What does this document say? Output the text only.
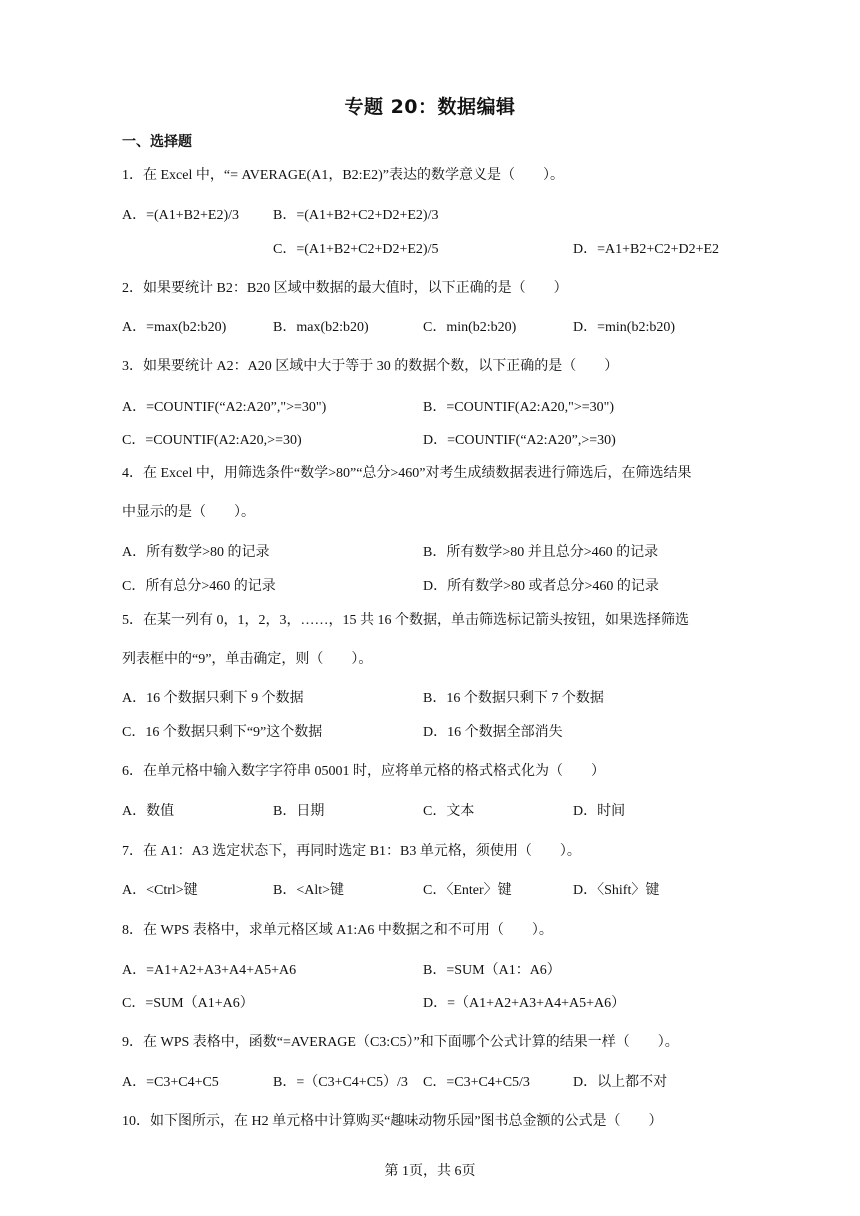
专题 20：数据编辑
一、选择题
1．在 Excel 中，“= AVERAGE(A1，B2:E2)”表达的数学意义是（　　）。
A．=(A1+B2+E2)/3 B．=(A1+B2+C2+D2+E2)/3
C．=(A1+B2+C2+D2+E2)/5	D．=A1+B2+C2+D2+E2
2．如果要统计 B2：B20 区域中数据的最大值时，以下正确的是（　　）
A．=max(b2:b20)	B．max(b2:b20)	C．min(b2:b20)	D．=min(b2:b20)
3．如果要统计 A2：A20 区域中大于等于 30 的数据个数，以下正确的是（　　）
A．=COUNTIF(“A2:A20”,">=30")	B．=COUNTIF(A2:A20,">=30")
C．=COUNTIF(A2:A20,>=30)	D．=COUNTIF(“A2:A20”,>=30)
4．在 Excel 中，用筛选条件“数学>80”“总分>460”对考生成绩数据表进行筛选后，在筛选结果
中显示的是（　　）。
A．所有数学>80 的记录	B．所有数学>80 并且总分>460 的记录
C．所有总分>460 的记录	D．所有数学>80 或者总分>460 的记录
5．在某一列有 0，1，2，3，……，15 共 16 个数据，单击筛选标记箭头按钮，如果选择筛选
列表框中的“9”，单击确定，则（　　）。
A．16 个数据只剩下 9 个数据	B．16 个数据只剩下 7 个数据
C．16 个数据只剩下“9”这个数据	D．16 个数据全部消失
6．在单元格中输入数字字符串 05001 时，应将单元格的格式格式化为（　　）
A．数值	B．日期	C．文本	D．时间
7．在 A1：A3 选定状态下，再同时选定 B1：B3 单元格，须使用（　　）。
A．<Ctrl>键	B．<Alt>键	C．〈Enter〉键	D．〈Shift〉键
8．在 WPS 表格中，求单元格区域 A1:A6 中数据之和不可用（　　）。
A．=A1+A2+A3+A4+A5+A6	B．=SUM（A1：A6）
C．=SUM（A1+A6）	D．=（A1+A2+A3+A4+A5+A6）
9．在 WPS 表格中，函数“=AVERAGE（C3:C5）”和下面哪个公式计算的结果一样（　　）。
A．=C3+C4+C5	B．=（C3+C4+C5）/3 C．=C3+C4+C5/3	D．以上都不对
10．如下图所示，在 H2 单元格中计算购买“趣味动物乐园”图书总金额的公式是（　　）
第 1页，共 6页
